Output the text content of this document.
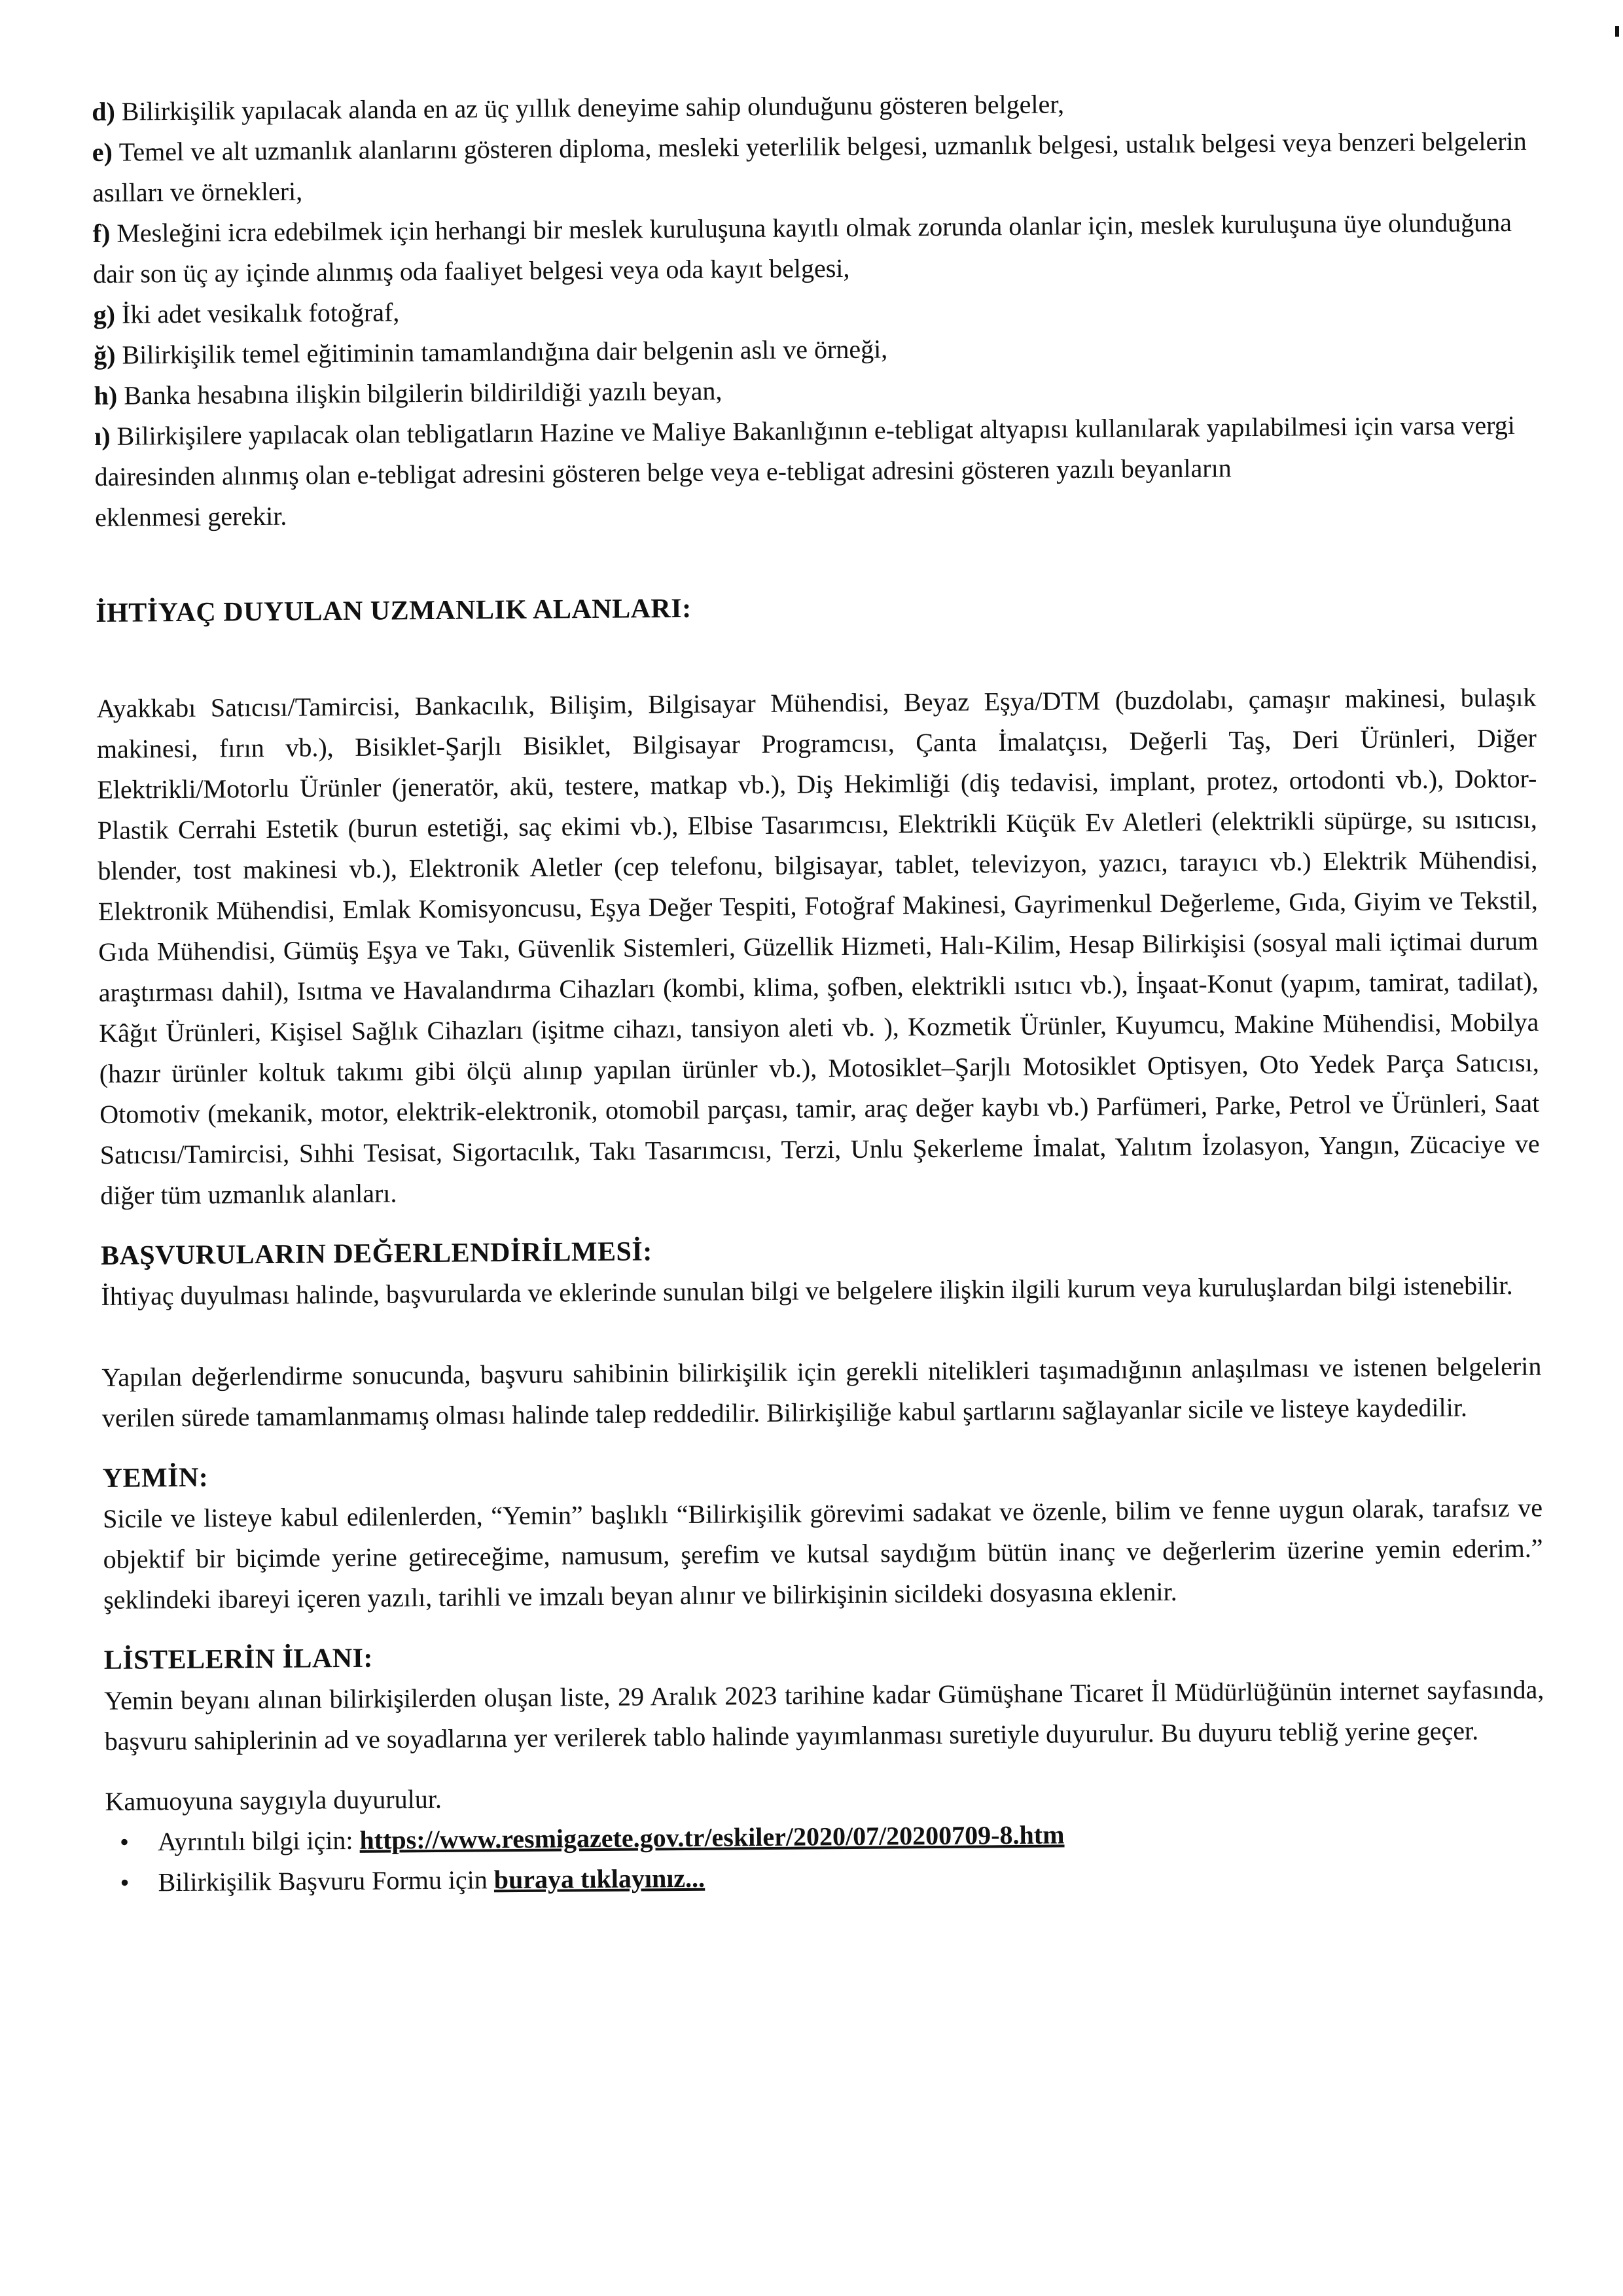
d) Bilirkişilik yapılacak alanda en az üç yıllık deneyime sahip olunduğunu gösteren belgeler,

e) Temel ve alt uzmanlık alanlarını gösteren diploma, mesleki yeterlilik belgesi, uzmanlık belgesi, ustalık belgesi veya benzeri belgelerin asılları ve örnekleri,

f) Mesleğini icra edebilmek için herhangi bir meslek kuruluşuna kayıtlı olmak zorunda olanlar için, meslek kuruluşuna üye olunduğuna dair son üç ay içinde alınmış oda faaliyet belgesi veya oda kayıt belgesi,

g) İki adet vesikalık fotoğraf,

ğ) Bilirkişilik temel eğitiminin tamamlandığına dair belgenin aslı ve örneği,

h) Banka hesabına ilişkin bilgilerin bildirildiği yazılı beyan,

ı) Bilirkişilere yapılacak olan tebligatların Hazine ve Maliye Bakanlığının e-tebligat altyapısı kullanılarak yapılabilmesi için varsa vergi dairesinden alınmış olan e-tebligat adresini gösteren belge veya e-tebligat adresini gösteren yazılı beyanların

eklenmesi gerekir.

İHTİYAÇ DUYULAN UZMANLIK ALANLARI:

Ayakkabı Satıcısı/Tamircisi, Bankacılık, Bilişim, Bilgisayar Mühendisi, Beyaz Eşya/DTM (buzdolabı, çamaşır makinesi, bulaşık makinesi, fırın vb.), Bisiklet-Şarjlı Bisiklet, Bilgisayar Programcısı, Çanta İmalatçısı, Değerli Taş, Deri Ürünleri, Diğer Elektrikli/Motorlu Ürünler (jeneratör, akü, testere, matkap vb.), Diş Hekimliği (diş tedavisi, implant, protez, ortodonti vb.), Doktor-Plastik Cerrahi Estetik (burun estetiği, saç ekimi vb.), Elbise Tasarımcısı, Elektrikli Küçük Ev Aletleri (elektrikli süpürge, su ısıtıcısı, blender, tost makinesi vb.), Elektronik Aletler (cep telefonu, bilgisayar, tablet, televizyon, yazıcı, tarayıcı vb.) Elektrik Mühendisi, Elektronik Mühendisi, Emlak Komisyoncusu, Eşya Değer Tespiti, Fotoğraf Makinesi, Gayrimenkul Değerleme, Gıda, Giyim ve Tekstil, Gıda Mühendisi, Gümüş Eşya ve Takı, Güvenlik Sistemleri, Güzellik Hizmeti, Halı-Kilim, Hesap Bilirkişisi (sosyal mali içtimai durum araştırması dahil), Isıtma ve Havalandırma Cihazları (kombi, klima, şofben, elektrikli ısıtıcı vb.), İnşaat-Konut (yapım, tamirat, tadilat), Kâğıt Ürünleri, Kişisel Sağlık Cihazları (işitme cihazı, tansiyon aleti vb. ), Kozmetik Ürünler, Kuyumcu, Makine Mühendisi, Mobilya (hazır ürünler koltuk takımı gibi ölçü alınıp yapılan ürünler vb.), Motosiklet–Şarjlı Motosiklet Optisyen, Oto Yedek Parça Satıcısı, Otomotiv (mekanik, motor, elektrik-elektronik, otomobil parçası, tamir, araç değer kaybı vb.) Parfümeri, Parke, Petrol ve Ürünleri, Saat Satıcısı/Tamircisi, Sıhhi Tesisat, Sigortacılık, Takı Tasarımcısı, Terzi, Unlu Şekerleme İmalat, Yalıtım İzolasyon, Yangın, Zücaciye ve diğer tüm uzmanlık alanları.

BAŞVURULARIN DEĞERLENDİRİLMESİ:

İhtiyaç duyulması halinde, başvurularda ve eklerinde sunulan bilgi ve belgelere ilişkin ilgili kurum veya kuruluşlardan bilgi istenebilir.

Yapılan değerlendirme sonucunda, başvuru sahibinin bilirkişilik için gerekli nitelikleri taşımadığının anlaşılması ve istenen belgelerin verilen sürede tamamlanmamış olması halinde talep reddedilir. Bilirkişiliğe kabul şartlarını sağlayanlar sicile ve listeye kaydedilir.

YEMİN:

Sicile ve listeye kabul edilenlerden, “Yemin” başlıklı “Bilirkişilik görevimi sadakat ve özenle, bilim ve fenne uygun olarak, tarafsız ve objektif bir biçimde yerine getireceğime, namusum, şerefim ve kutsal saydığım bütün inanç ve değerlerim üzerine yemin ederim.” şeklindeki ibareyi içeren yazılı, tarihli ve imzalı beyan alınır ve bilirkişinin sicildeki dosyasına eklenir.

LİSTELERİN İLANI:

Yemin beyanı alınan bilirkişilerden oluşan liste, 29 Aralık 2023 tarihine kadar Gümüşhane Ticaret İl Müdürlüğünün internet sayfasında, başvuru sahiplerinin ad ve soyadlarına yer verilerek tablo halinde yayımlanması suretiyle duyurulur. Bu duyuru tebliğ yerine geçer.

Kamuoyuna saygıyla duyurulur.

• Ayrıntılı bilgi için: https://www.resmigazete.gov.tr/eskiler/2020/07/20200709-8.htm
• Bilirkişilik Başvuru Formu için buraya tıklayınız...
